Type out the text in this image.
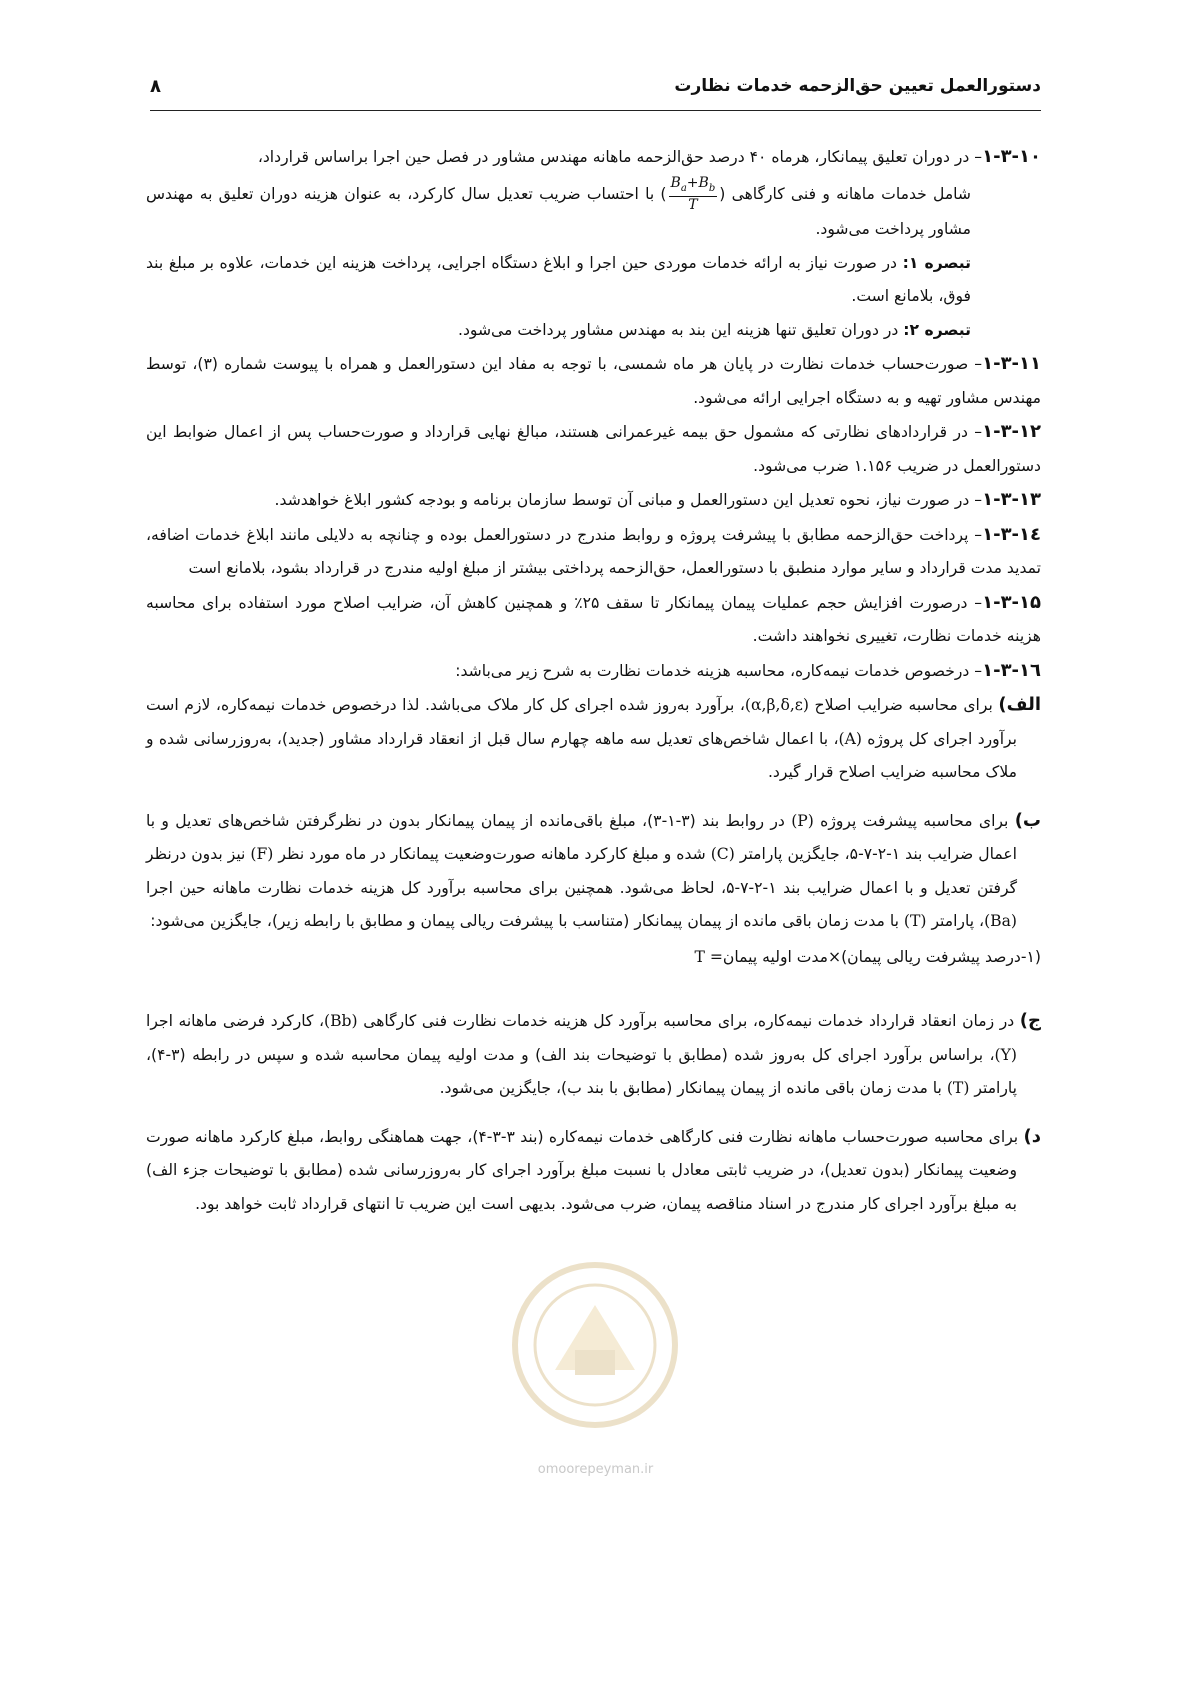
دستورالعمل تعیین حق‌الزحمه خدمات نظارت
۸

۱-۳-۱۰– در دوران تعلیق پیمانکار، هرماه ۴۰ درصد حق‌الزحمه ماهانه مهندس مشاور در فصل حین اجرا براساس قرارداد،

شامل خدمات ماهانه و فنی کارگاهی (
$\frac{B_a+B_b}{T}$
) با احتساب ضریب تعدیل سال کارکرد، به عنوان هزینه دوران تعلیق به مهندس مشاور پرداخت می‌شود.

تبصره ۱: در صورت نیاز به ارائه خدمات موردی حین اجرا و ابلاغ دستگاه اجرایی، پرداخت هزینه این خدمات، علاوه بر مبلغ بند فوق، بلامانع است.

تبصره ۲: در دوران تعلیق تنها هزینه این بند به مهندس مشاور پرداخت می‌شود.

۱-۳-۱۱– صورت‌حساب خدمات نظارت در پایان هر ماه شمسی، با توجه به مفاد این دستورالعمل و همراه با پیوست شماره (۳)، توسط مهندس مشاور تهیه و به دستگاه اجرایی ارائه می‌شود.

۱-۳-۱۲– در قراردادهای نظارتی که مشمول حق بیمه غیرعمرانی هستند، مبالغ نهایی قرارداد و صورت‌حساب پس از اعمال ضوابط این دستورالعمل در ضریب ۱.۱۵۶ ضرب می‌شود.

۱-۳-۱۳– در صورت نیاز، نحوه تعدیل این دستورالعمل و مبانی آن توسط سازمان برنامه و بودجه کشور ابلاغ خواهدشد.

۱-۳-۱٤– پرداخت حق‌الزحمه مطابق با پیشرفت پروژه و روابط مندرج در دستورالعمل بوده و چنانچه به دلایلی مانند ابلاغ خدمات اضافه، تمدید مدت قرارداد و سایر موارد منطبق با دستورالعمل، حق‌الزحمه پرداختی بیشتر از مبلغ اولیه مندرج در قرارداد بشود، بلامانع است

۱-۳-۱۵– درصورت افزایش حجم عملیات پیمان پیمانکار تا سقف ۲۵٪ و همچنین کاهش آن، ضرایب اصلاح مورد استفاده برای محاسبه هزینه خدمات نظارت، تغییری نخواهند داشت.

۱-۳-۱٦– درخصوص خدمات نیمه‌کاره، محاسبه هزینه خدمات نظارت به شرح زیر می‌باشد:

الف) برای محاسبه ضرایب اصلاح (α,β,δ,ε)، برآورد به‌روز شده اجرای کل کار ملاک می‌باشد. لذا درخصوص خدمات نیمه‌کاره، لازم است برآورد اجرای کل پروژه (A)، با اعمال شاخص‌های تعدیل سه ماهه چهارم سال قبل از انعقاد قرارداد مشاور (جدید)، به‌روزرسانی شده و ملاک محاسبه ضرایب اصلاح قرار گیرد.

ب) برای محاسبه پیشرفت پروژه (P) در روابط بند (۳-۱-۳)، مبلغ باقی‌مانده از پیمان پیمانکار بدون در نظرگرفتن شاخص‌های تعدیل و با اعمال ضرایب بند ۱-۲-۷-۵، جایگزین پارامتر (C) شده و مبلغ کارکرد ماهانه صورت‌وضعیت پیمانکار در ماه مورد نظر (F) نیز بدون درنظر گرفتن تعدیل و با اعمال ضرایب بند ۱-۲-۷-۵، لحاظ می‌شود. همچنین برای محاسبه برآورد کل هزینه خدمات نظارت ماهانه حین اجرا (Ba)، پارامتر (T) با مدت زمان باقی مانده از پیمان پیمانکار (متناسب با پیشرفت ریالی پیمان و مطابق با رابطه زیر)، جایگزین می‌شود:

(۱-درصد پیشرفت ریالی پیمان)×مدت اولیه پیمانT =

ج) در زمان انعقاد قرارداد خدمات نیمه‌کاره، برای محاسبه برآورد کل هزینه خدمات نظارت فنی کارگاهی (Bb)، کارکرد فرضی ماهانه اجرا (Y)، براساس برآورد اجرای کل به‌روز شده (مطابق با توضیحات بند الف) و مدت اولیه پیمان محاسبه شده و سپس در رابطه (۳-۴)، پارامتر (T) با مدت زمان باقی مانده از پیمان پیمانکار (مطابق با بند ب)، جایگزین می‌شود.

د) برای محاسبه صورت‌حساب ماهانه نظارت فنی کارگاهی خدمات نیمه‌کاره (بند ۳-۳-۴)، جهت هماهنگی روابط، مبلغ کارکرد ماهانه صورت وضعیت پیمانکار (بدون تعدیل)، در ضریب ثابتی معادل با نسبت مبلغ برآورد اجرای کار به‌روزرسانی شده (مطابق با توضیحات جزء الف) به مبلغ برآورد اجرای کار مندرج در اسناد مناقصه پیمان، ضرب می‌شود. بدیهی است این ضریب تا انتهای قرارداد ثابت خواهد بود.

omoorepeyman.ir
